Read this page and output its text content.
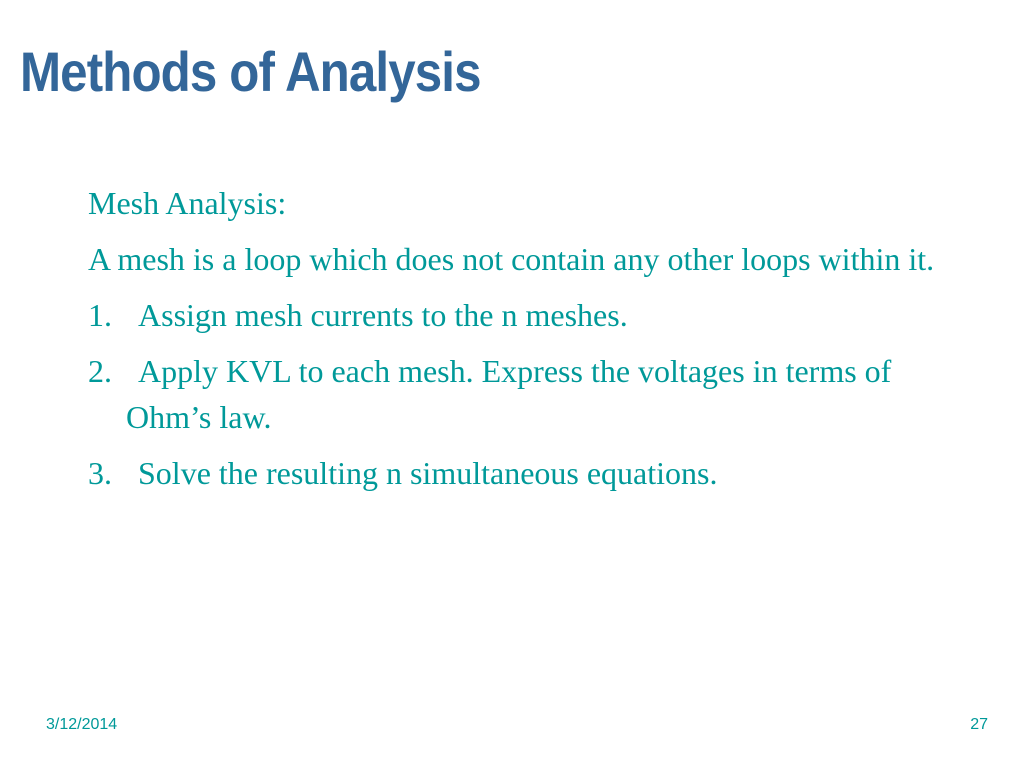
Methods of Analysis
Mesh Analysis:
A mesh is a loop which does not contain any other loops within it.
1. Assign mesh currents to the n meshes.
2. Apply KVL to each mesh. Express the voltages in terms of Ohm’s law.
3. Solve the resulting n simultaneous equations.
3/12/2014	27
